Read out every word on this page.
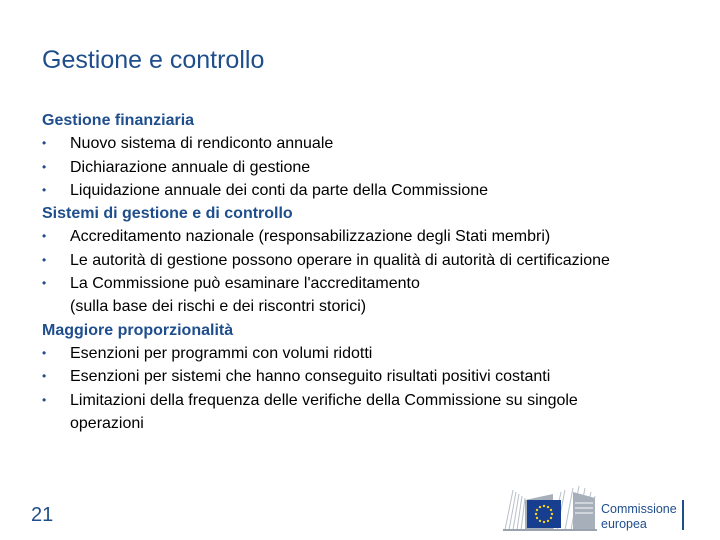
Gestione e controllo
Gestione finanziaria
•	Nuovo sistema di rendiconto annuale
•	Dichiarazione annuale di gestione
•	Liquidazione annuale dei conti da parte della Commissione
Sistemi di gestione e di controllo
•	Accreditamento nazionale (responsabilizzazione degli Stati membri)
•	Le autorità di gestione possono operare in qualità di autorità di certificazione
•	La Commissione può esaminare l'accreditamento
(sulla base dei rischi e dei riscontri storici)
Maggiore proporzionalità
•	Esenzioni per programmi con volumi ridotti
•	Esenzioni per sistemi che hanno conseguito risultati positivi costanti
•	Limitazioni della frequenza delle verifiche della Commissione su singole
operazioni
21	Commissione
europea
